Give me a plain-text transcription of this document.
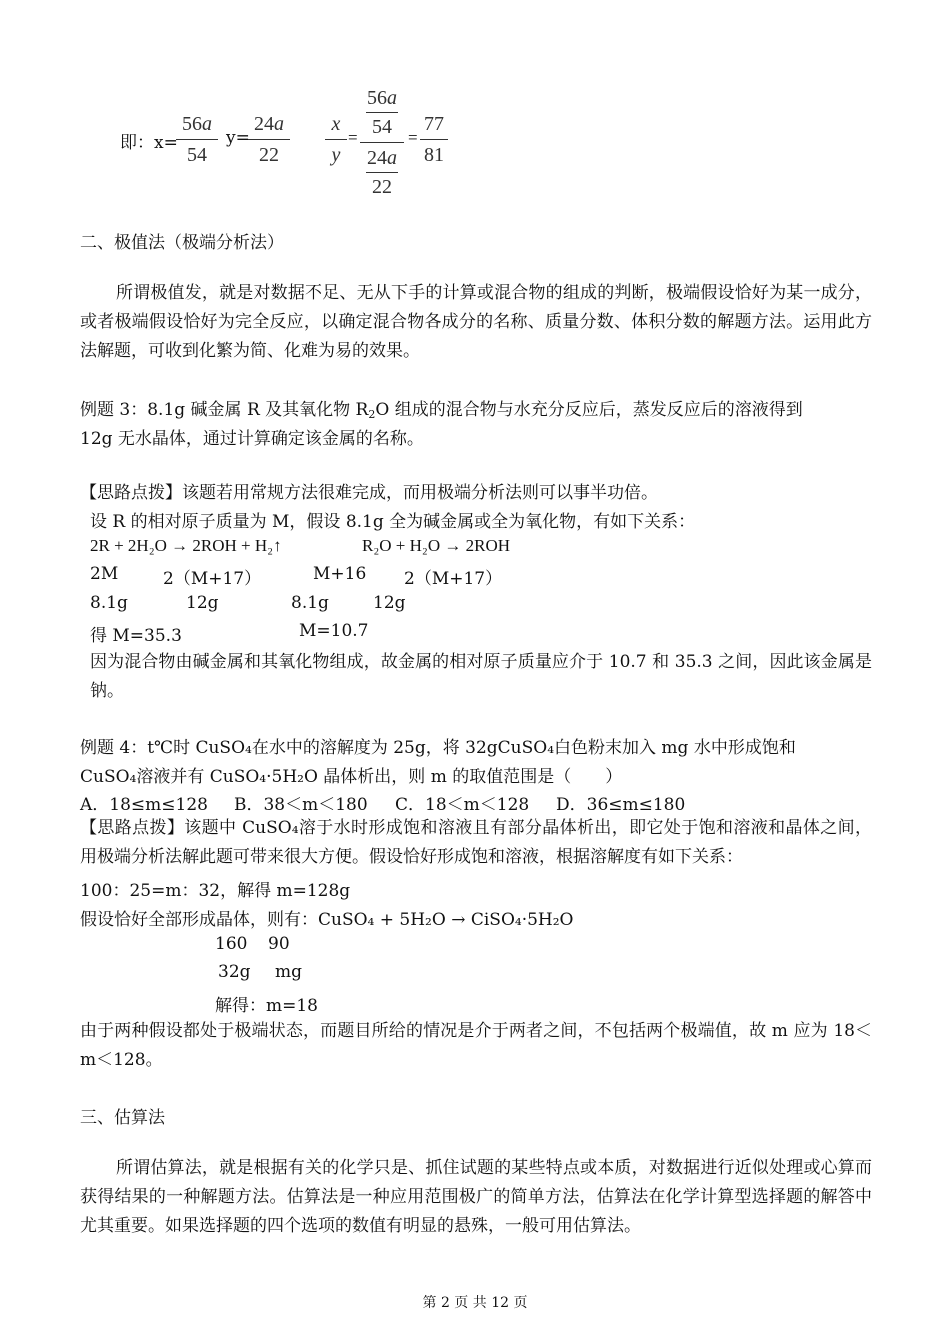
即：x=
56a
54
y=
24a
22
x
y
=
56a
54
24a
22
=
77
81
二、极值法（极端分析法）
所谓极值发，就是对数据不足、无从下手的计算或混合物的组成的判断，极端假设恰好为某一成分，或者极端假设恰好为完全反应，以确定混合物各成分的名称、质量分数、体积分数的解题方法。运用此方法解题，可收到化繁为简、化难为易的效果。
例题 3：8.1g 碱金属 R 及其氧化物 $R_2O$ 组成的混合物与水充分反应后，蒸发反应后的溶液得到
12g 无水晶体，通过计算确定该金属的名称。
【思路点拨】该题若用常规方法很难完成，而用极端分析法则可以事半功倍。
设 R 的相对原子质量为 M，假设 8.1g 全为碱金属或全为氧化物，有如下关系：
2R + 2H₂O → 2ROH + H₂↑	R₂O + H₂O → 2ROH
2M	2（M+17）	M+16 2（M+17）
8.1g	12g	8.1g	12g
得 M=35.3	M=10.7
因为混合物由碱金属和其氧化物组成，故金属的相对原子质量应介于 10.7 和 35.3 之间，因此该金属是钠。
例题 4：t℃时 CuSO₄在水中的溶解度为 25g，将 32gCuSO₄白色粉末加入 mg 水中形成饱和
CuSO₄溶液并有 CuSO₄·5H₂O 晶体析出，则 m 的取值范围是（　　）
A．18≤m≤128 B．38＜m＜180 C．18＜m＜128 D．36≤m≤180
【思路点拨】该题中 CuSO₄溶于水时形成饱和溶液且有部分晶体析出，即它处于饱和溶液和晶体之间，用极端分析法解此题可带来很大方便。假设恰好形成饱和溶液，根据溶解度有如下关系：
100：25=m：32，解得 m=128g
假设恰好全部形成晶体，则有：CuSO₄ + 5H₂O → CiSO₄·5H₂O
160 90
32g mg
解得：m=18
由于两种假设都处于极端状态，而题目所给的情况是介于两者之间，不包括两个极端值，故 m 应为 18＜m＜128。
三、估算法
所谓估算法，就是根据有关的化学只是、抓住试题的某些特点或本质，对数据进行近似处理或心算而获得结果的一种解题方法。估算法是一种应用范围极广的简单方法，估算法在化学计算型选择题的解答中尤其重要。如果选择题的四个选项的数值有明显的悬殊，一般可用估算法。
第 2 页 共 12 页
